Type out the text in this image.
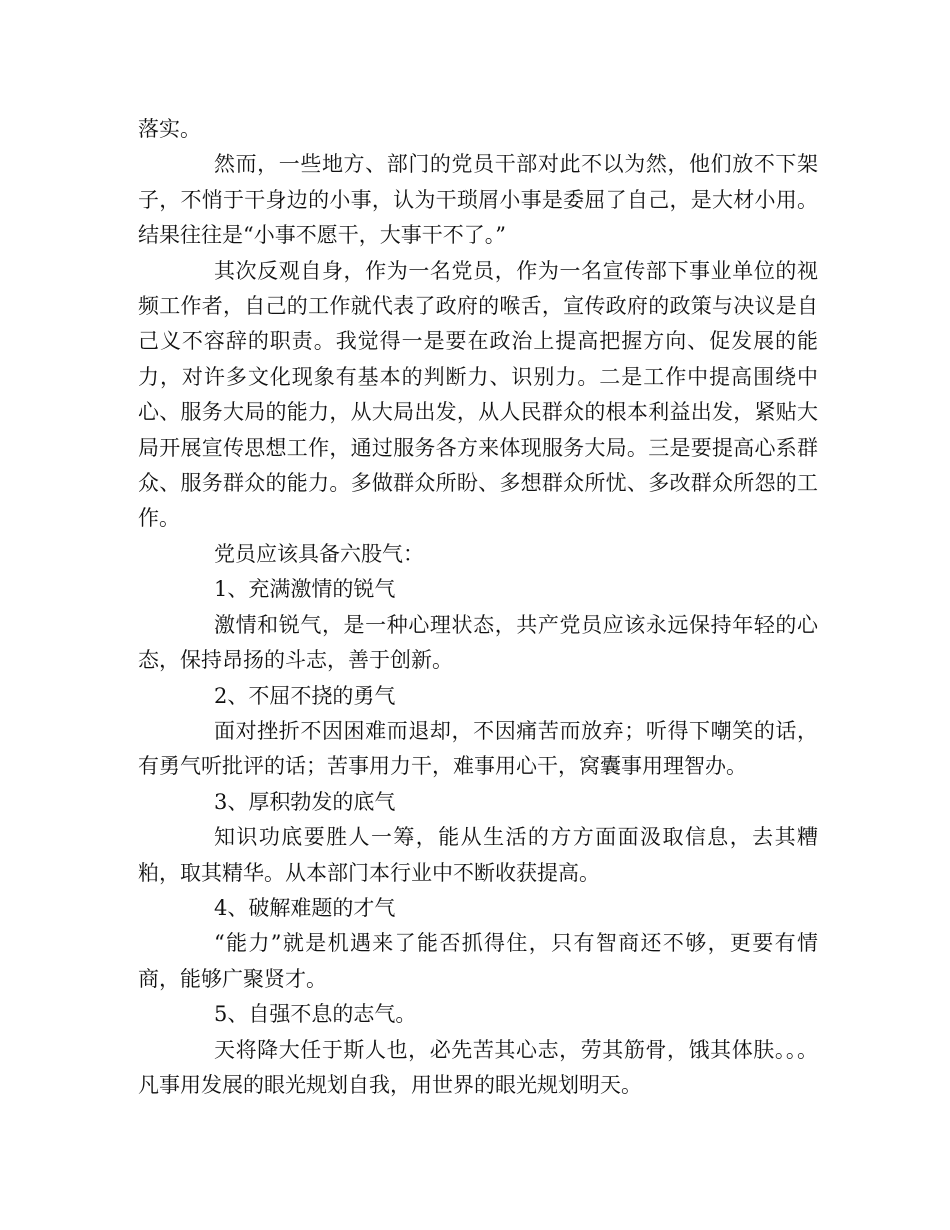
落实。

然而，一些地方、部门的党员干部对此不以为然，他们放不下架子，不悄于干身边的小事，认为干琐屑小事是委屈了自己，是大材小用。结果往往是“小事不愿干，大事干不了。”

其次反观自身，作为一名党员，作为一名宣传部下事业单位的视频工作者，自己的工作就代表了政府的喉舌，宣传政府的政策与决议是自己义不容辞的职责。我觉得一是要在政治上提高把握方向、促发展的能力，对许多文化现象有基本的判断力、识别力。二是工作中提高围绕中心、服务大局的能力，从大局出发，从人民群众的根本利益出发，紧贴大局开展宣传思想工作，通过服务各方来体现服务大局。三是要提高心系群众、服务群众的能力。多做群众所盼、多想群众所忧、多改群众所怨的工作。

党员应该具备六股气：

1、充满激情的锐气

激情和锐气，是一种心理状态，共产党员应该永远保持年轻的心态，保持昂扬的斗志，善于创新。

2、不屈不挠的勇气

面对挫折不因困难而退却，不因痛苦而放弃；听得下嘲笑的话，有勇气听批评的话；苦事用力干，难事用心干，窝囊事用理智办。

3、厚积勃发的底气

知识功底要胜人一筹，能从生活的方方面面汲取信息，去其糟粕，取其精华。从本部门本行业中不断收获提高。

4、破解难题的才气

“能力”就是机遇来了能否抓得住，只有智商还不够，更要有情商，能够广聚贤才。

5、自强不息的志气。

天将降大任于斯人也，必先苦其心志，劳其筋骨，饿其体肤。。。凡事用发展的眼光规划自我，用世界的眼光规划明天。
